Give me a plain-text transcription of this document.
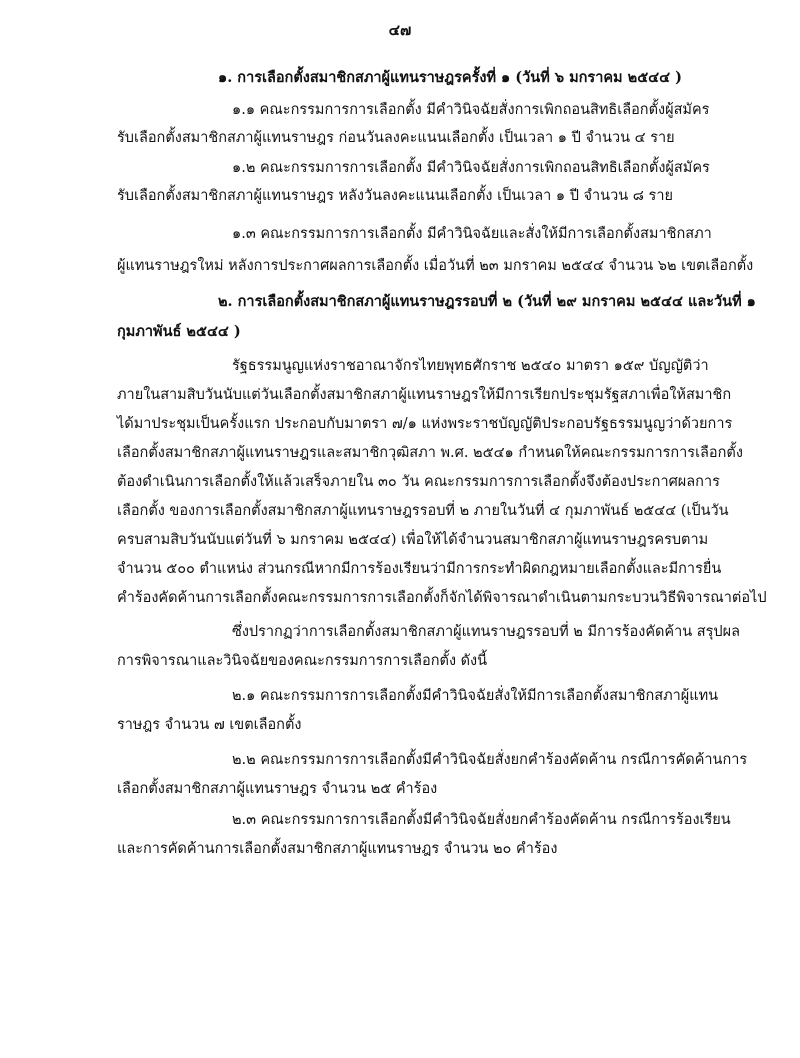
๔๗
๑. การเลือกตั้งสมาชิกสภาผู้แทนราษฎรครั้งที่ ๑ (วันที่ ๖ มกราคม ๒๕๔๔ )
๑.๑ คณะกรรมการการเลือกตั้ง มีคำวินิจฉัยสั่งการเพิกถอนสิทธิเลือกตั้งผู้สมัคร
รับเลือกตั้งสมาชิกสภาผู้แทนราษฎร ก่อนวันลงคะแนนเลือกตั้ง เป็นเวลา ๑ ปี จำนวน ๔ ราย
๑.๒ คณะกรรมการการเลือกตั้ง มีคำวินิจฉัยสั่งการเพิกถอนสิทธิเลือกตั้งผู้สมัคร
รับเลือกตั้งสมาชิกสภาผู้แทนราษฎร หลังวันลงคะแนนเลือกตั้ง เป็นเวลา ๑ ปี จำนวน ๘ ราย
๑.๓ คณะกรรมการการเลือกตั้ง มีคำวินิจฉัยและสั่งให้มีการเลือกตั้งสมาชิกสภา
ผู้แทนราษฎรใหม่ หลังการประกาศผลการเลือกตั้ง เมื่อวันที่ ๒๓ มกราคม ๒๕๔๔ จำนวน ๖๒ เขตเลือกตั้ง
๒. การเลือกตั้งสมาชิกสภาผู้แทนราษฎรรอบที่ ๒ (วันที่ ๒๙ มกราคม ๒๕๔๔ และวันที่ ๑
กุมภาพันธ์ ๒๕๔๔ )
รัฐธรรมนูญแห่งราชอาณาจักรไทยพุทธศักราช ๒๕๔๐ มาตรา ๑๕๙ บัญญัติว่า
ภายในสามสิบวันนับแต่วันเลือกตั้งสมาชิกสภาผู้แทนราษฎรให้มีการเรียกประชุมรัฐสภาเพื่อให้สมาชิก
ได้มาประชุมเป็นครั้งแรก ประกอบกับมาตรา ๗/๑ แห่งพระราชบัญญัติประกอบรัฐธรรมนูญว่าด้วยการ
เลือกตั้งสมาชิกสภาผู้แทนราษฎรและสมาชิกวุฒิสภา พ.ศ. ๒๕๔๑ กำหนดให้คณะกรรมการการเลือกตั้ง
ต้องดำเนินการเลือกตั้งให้แล้วเสร็จภายใน ๓๐ วัน คณะกรรมการการเลือกตั้งจึงต้องประกาศผลการ
เลือกตั้ง ของการเลือกตั้งสมาชิกสภาผู้แทนราษฎรรอบที่ ๒ ภายในวันที่ ๔ กุมภาพันธ์ ๒๕๔๔ (เป็นวัน
ครบสามสิบวันนับแต่วันที่ ๖ มกราคม ๒๕๔๔) เพื่อให้ได้จำนวนสมาชิกสภาผู้แทนราษฎรครบตาม
จำนวน ๕๐๐ ตำแหน่ง ส่วนกรณีหากมีการร้องเรียนว่ามีการกระทำผิดกฎหมายเลือกตั้งและมีการยื่น
คำร้องคัดค้านการเลือกตั้งคณะกรรมการการเลือกตั้งก็จักได้พิจารณาดำเนินตามกระบวนวิธีพิจารณาต่อไป
ซึ่งปรากฏว่าการเลือกตั้งสมาชิกสภาผู้แทนราษฎรรอบที่ ๒ มีการร้องคัดค้าน สรุปผล
การพิจารณาและวินิจฉัยของคณะกรรมการการเลือกตั้ง ดังนี้
๒.๑ คณะกรรมการการเลือกตั้งมีคำวินิจฉัยสั่งให้มีการเลือกตั้งสมาชิกสภาผู้แทน
ราษฎร จำนวน ๗ เขตเลือกตั้ง
๒.๒ คณะกรรมการการเลือกตั้งมีคำวินิจฉัยสั่งยกคำร้องคัดค้าน กรณีการคัดค้านการ
เลือกตั้งสมาชิกสภาผู้แทนราษฎร จำนวน ๒๕ คำร้อง
๒.๓ คณะกรรมการการเลือกตั้งมีคำวินิจฉัยสั่งยกคำร้องคัดค้าน กรณีการร้องเรียน
และการคัดค้านการเลือกตั้งสมาชิกสภาผู้แทนราษฎร จำนวน ๒๐ คำร้อง
